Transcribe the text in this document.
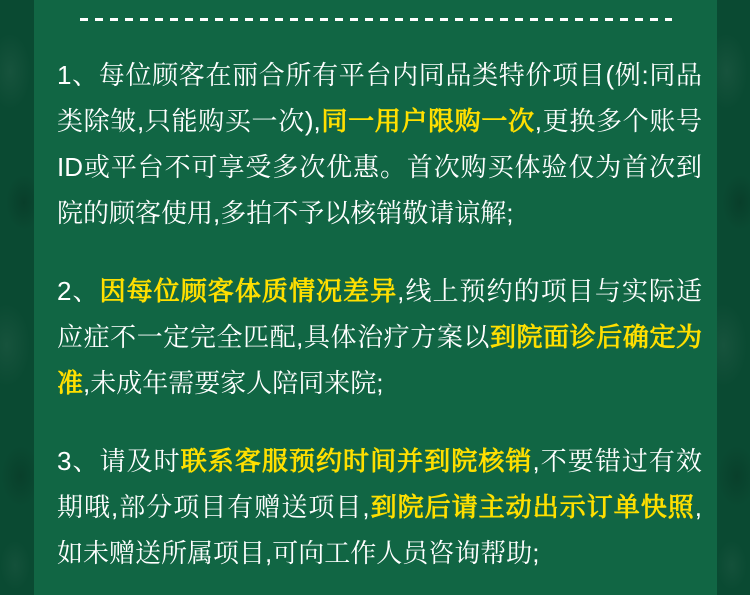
1、每位顾客在丽合所有平台内同品类特价项目(例:同品类除皱,只能购买一次),同一用户限购一次,更换多个账号ID或平台不可享受多次优惠。首次购买体验仅为首次到院的顾客使用,多拍不予以核销敬请谅解;

2、因每位顾客体质情况差异,线上预约的项目与实际适应症不一定完全匹配,具体治疗方案以到院面诊后确定为准,未成年需要家人陪同来院;

3、请及时联系客服预约时间并到院核销,不要错过有效期哦,部分项目有赠送项目,到院后请主动出示订单快照,如未赠送所属项目,可向工作人员咨询帮助;
